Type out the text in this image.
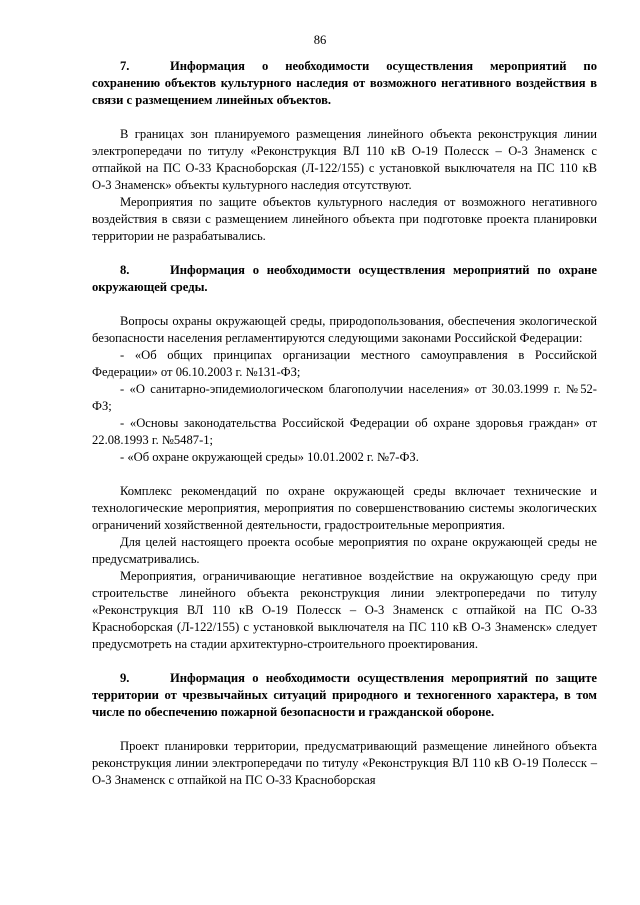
86

7.	Информация о необходимости осуществления мероприятий по сохранению объектов культурного наследия от возможного негативного воздействия в связи с размещением линейных объектов.

В границах зон планируемого размещения линейного объекта реконструкция линии электропередачи по титулу «Реконструкция ВЛ 110 кВ О-19 Полесск – О-3 Знаменск с отпайкой на ПС О-33 Красноборская (Л-122/155) с установкой выключателя на ПС 110 кВ О-3 Знаменск» объекты культурного наследия отсутствуют.

Мероприятия по защите объектов культурного наследия от возможного негативного воздействия в связи с размещением линейного объекта при подготовке проекта планировки территории не разрабатывались.

8.	Информация о необходимости осуществления мероприятий по охране окружающей среды.

Вопросы охраны окружающей среды, природопользования, обеспечения экологической безопасности населения регламентируются следующими законами Российской Федерации:

- «Об общих принципах организации местного самоуправления в Российской Федерации» от 06.10.2003 г. №131-ФЗ;

- «О санитарно-эпидемиологическом благополучии населения» от 30.03.1999 г. №52-ФЗ;

- «Основы законодательства Российской Федерации об охране здоровья граждан» от 22.08.1993 г. №5487-1;

- «Об охране окружающей среды» 10.01.2002 г. №7-ФЗ.

Комплекс рекомендаций по охране окружающей среды включает технические и технологические мероприятия, мероприятия по совершенствованию системы экологических ограничений хозяйственной деятельности, градостроительные мероприятия.

Для целей настоящего проекта особые мероприятия по охране окружающей среды не предусматривались.

Мероприятия, ограничивающие негативное воздействие на окружающую среду при строительстве линейного объекта реконструкция линии электропередачи по титулу «Реконструкция ВЛ 110 кВ О-19 Полесск – О-3 Знаменск с отпайкой на ПС О-33 Красноборская (Л-122/155) с установкой выключателя на ПС 110 кВ О-3 Знаменск» следует предусмотреть на стадии архитектурно-строительного проектирования.

9.	Информация о необходимости осуществления мероприятий по защите территории от чрезвычайных ситуаций природного и техногенного характера, в том числе по обеспечению пожарной безопасности и гражданской обороне.

Проект планировки территории, предусматривающий размещение линейного объекта реконструкция линии электропередачи по титулу «Реконструкция ВЛ 110 кВ О-19 Полесск – О-3 Знаменск с отпайкой на ПС О-33 Красноборская
